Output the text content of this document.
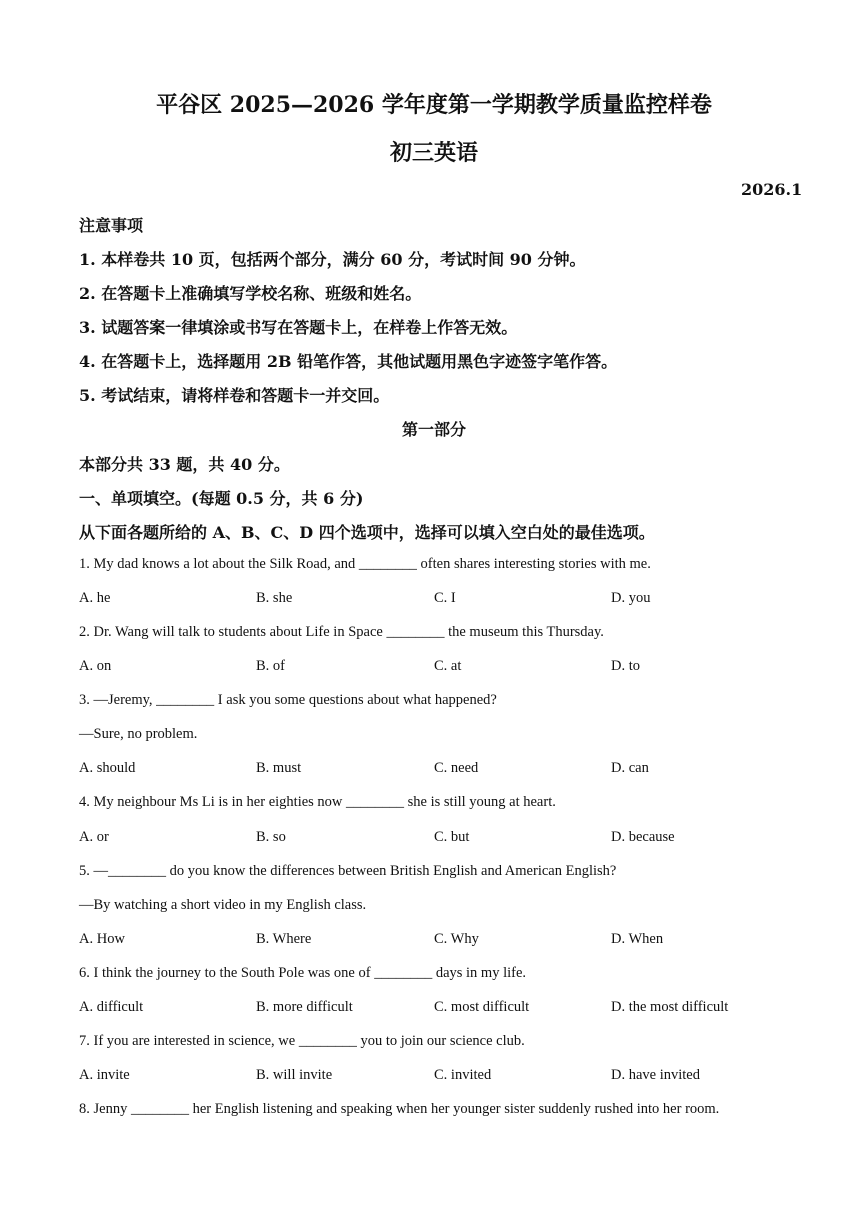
平谷区 2025—2026 学年度第一学期教学质量监控样卷
初三英语
2026.1
注意事项
1. 本样卷共 10 页，包括两个部分，满分 60 分，考试时间 90 分钟。
2. 在答题卡上准确填写学校名称、班级和姓名。
3. 试题答案一律填涂或书写在答题卡上，在样卷上作答无效。
4. 在答题卡上，选择题用 2B 铅笔作答，其他试题用黑色字迹签字笔作答。
5. 考试结束，请将样卷和答题卡一并交回。
第一部分
本部分共 33 题，共 40 分。
一、单项填空。(每题 0.5 分，共 6 分)
从下面各题所给的 A、B、C、D 四个选项中，选择可以填入空白处的最佳选项。
1. My dad knows a lot about the Silk Road, and ________ often shares interesting stories with me.
A. he	B. she	C. I	D. you
2. Dr. Wang will talk to students about Life in Space ________ the museum this Thursday.
A. on	B. of	C. at	D. to
3. —Jeremy, ________ I ask you some questions about what happened?
—Sure, no problem.
A. should	B. must	C. need	D. can
4. My neighbour Ms Li is in her eighties now ________ she is still young at heart.
A. or	B. so	C. but	D. because
5. —________ do you know the differences between British English and American English?
—By watching a short video in my English class.
A. How	B. Where	C. Why	D. When
6. I think the journey to the South Pole was one of ________ days in my life.
A. difficult	B. more difficult	C. most difficult	D. the most difficult
7. If you are interested in science, we ________ you to join our science club.
A. invite	B. will invite	C. invited	D. have invited
8. Jenny ________ her English listening and speaking when her younger sister suddenly rushed into her room.
